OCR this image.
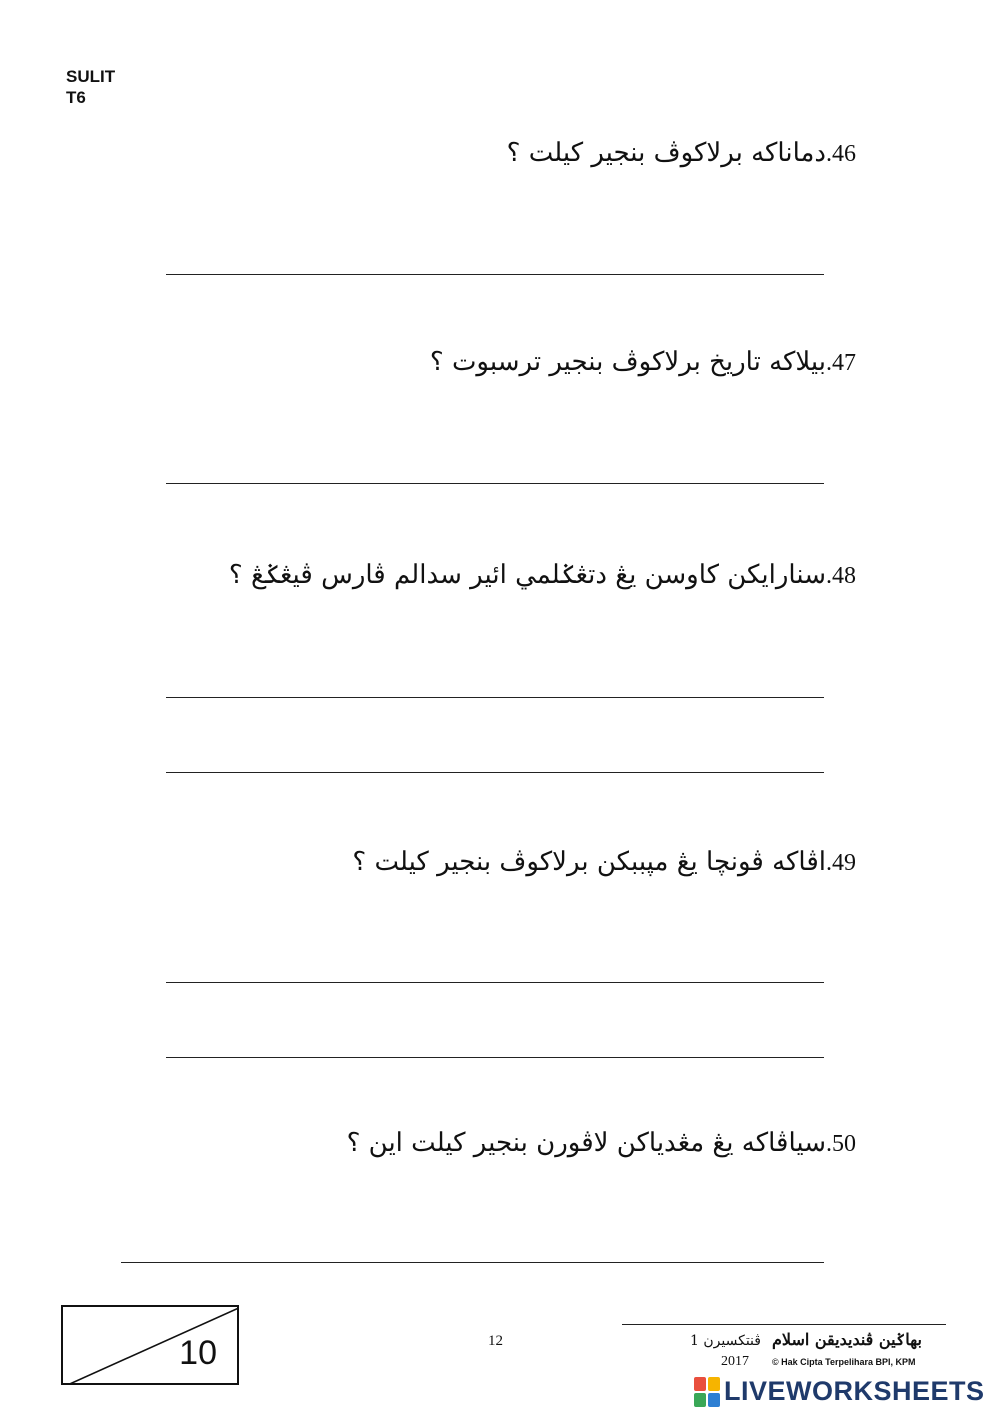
SULIT
T6
.46
دماناكه برلاكوڤ بنجير كيلت ؟
.47
بيلاكه تاريخ برلاكوڤ بنجير ترسبوت ؟
.48
سنارايكن كاوسن يڠ دتڠݢلمي ائير سدالم ڤارس ڤيڠݢڠ ؟
.49
اڤاكه ڤونچا يڠ مپببكن برلاكوڤ بنجير كيلت ؟
.50
سياڤاكه يڠ مڠدياكن لاڤورن بنجير كيلت اين ؟
10	12	ڤنتكسيرن 1
2017
بهاݢين ڤنديديقن اسلام
© Hak Cipta Terpelihara BPI, KPM
LIVEWORKSHEETS
